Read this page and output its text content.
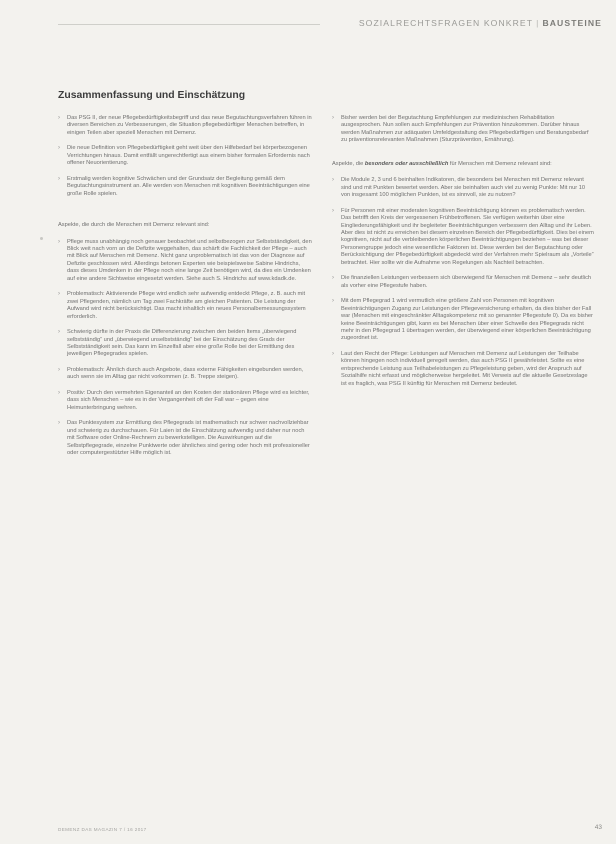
SOZIALRECHTSFRAGEN KONKRET | BAUSTEINE
Zusammenfassung und Einschätzung
› Das PSG II, der neue Pflegebedürftigkeitsbegriff und das neue Begutachtungsverfahren führen in diversen Bereichen zu Verbesserungen, die Situation pflegebedürftiger Menschen betreffen, in einigen Teilen aber speziell Menschen mit Demenz.

› Die neue Definition von Pflegebedürftigkeit geht weit über den Hilfebedarf bei körperbezogenen Verrichtungen hinaus. Damit entfällt ungerechtfertigt aus einem bisher formalen Erfordernis nach offener Neuorientierung.

› Erstmalig werden kognitive Schwächen und der Grundsatz der Begleitung gemäß dem Begutachtungsinstrument an. Alle werden von Menschen mit kognitiven Beeinträchtigungen eine große Rolle spielen.

Aspekte, die durch die Menschen mit Demenz relevant sind:

› Pflege muss unabhängig noch genauer beobachtet und selbstbezogen zur Selbstständigkeit, den Blick weit nach vorn an die Defizite weggehalten, das schärft die Fachlichkeit der Pflege – auch mit Blick auf Menschen mit Demenz. Nicht ganz unproblematisch ist das von der Diagnose auf Defizite geschlossen wird. Allerdings betonen Experten wie beispielsweise Sabine Hindrichs, dass dieses Umdenken in der Pflege noch eine lange Zeit benötigen wird, da dies ein Umdenken auf eine andere Sichtweise eingesetzt werden. Siehe auch S. Hindrichs auf www.kdadk.de.

› Problematisch: Aktivierende Pflege wird endlich sehr aufwendig entdeckt Pflege, z. B. auch mit zwei Pflegenden, nämlich um Tag zwei Fachkräfte am gleichen Patienten. Die Leistung der Aufwand wird nicht berücksichtigt. Das macht inhaltlich ein neues Personalbemessungssystem erforderlich.

› Schwierig dürfte in der Praxis die Differenzierung zwischen den beiden Items „überwiegend selbstständig“ und „überwiegend unselbstständig“ bei der Einschätzung des Grads der Selbstständigkeit sein. Das kann im Einzelfall aber eine große Rolle bei der Ermittlung des jeweiligen Pflegegrades spielen.

› Problematisch: Ähnlich durch auch Angebote, dass externe Fähigkeiten eingebunden werden, auch wenn sie im Alltag gar nicht vorkommen (z. B. Treppe steigen).

› Positiv: Durch den vermehrten Eigenanteil an den Kosten der stationären Pflege wird es leichter, dass sich Menschen – wie es in der Vergangenheit oft der Fall war – gegen eine Heimunterbringung wehren.

› Das Punktesystem zur Ermittlung des Pflegegrads ist mathematisch nur schwer nachvollziehbar und schwierig zu durchschauen. Für Laien ist die Einschätzung aufwendig und daher nur noch mit Software oder Online-Rechnern zu bewerkstelligen. Die Auswirkungen auf die Selbstpflegegrade, einzelne Punktwerte oder ähnliches sind gering oder hoch mit professioneller oder computergestützter Hilfe möglich ist.

› Bisher werden bei der Begutachtung Empfehlungen zur medizinischen Rehabilitation ausgesprochen. Nun sollen auch Empfehlungen zur Prävention hinzukommen. Darüber hinaus werden Maßnahmen zur adäquaten Umfeldgestaltung des Pflegebedürftigen und Beratungsbedarf zu präventionsrelevanten Maßnahmen (Sturzprävention, Ernährung).

Aspekte, die besonders oder ausschließlich für Menschen mit Demenz relevant sind:

› Die Module 2, 3 und 6 beinhalten Indikatoren, die besonders bei Menschen mit Demenz relevant sind und mit Punkten bewertet werden. Aber sie beinhalten auch viel zu wenig Punkte: Mit nur 10 von insgesamt 100 möglichen Punkten, ist es sinnvoll, sie zu nutzen?

› Für Personen mit einer moderaten kognitiven Beeinträchtigung können es problematisch werden. Das betrifft den Kreis der vergessenen Frühbetroffenen. Sie verfügen weiterhin über eine Eingliederungsfähigkeit und ihr begleiteter Beeinträchtigungen verbessern den Alltag und ihr Leben. Aber dies ist nicht zu erreichen bei diesem einzelnen Bereich der Pflegebedürftigkeit. Dies bei einem kognitiven, nicht auf die verbleibenden körperlichen Beeinträchtigungen beziehen – was bei dieser Personengruppe jedoch eine wesentliche Faktoren ist. Diese werden bei der Begutachtung oder Berücksichtigung der Pflegebedürftigkeit abgedeckt wird der Verfahren mehr Spielraum als „Vorteile“ betrachtet. Hier sollte wir die Aufnahme von Regelungen als Nachteil betrachten.

› Die finanziellen Leistungen verbessern sich überwiegend für Menschen mit Demenz – sehr deutlich als vorher eine Pflegestufe haben.

› Mit dem Pflegegrad 1 wird vermutlich eine größere Zahl von Personen mit kognitiven Beeinträchtigungen Zugang zur Leistungen der Pflegeversicherung erhalten, da dies bisher der Fall war (Menschen mit eingeschränkter Alltagskompetenz mit so genannter Pflegestufe 0). Da es bisher keine Beeinträchtigungen gibt, kann es bei Menschen über einer Schwelle des Pflegegrads nicht mehr in den Pflegegrad 1 übertragen werden, der überwiegend einer körperlichen Beeinträchtigung zugeordnet ist.

› Laut den Recht der Pflege: Leistungen auf Menschen mit Demenz auf Leistungen der Teilhabe können hingegen noch individuell geregelt werden, das auch PSG II gewährleistet. Sollte es eine entsprechende Leistung aus Teilhabeleistungen zu Pflegeleistung geben, wird der Anspruch auf Sozialhilfe nicht erfasst und möglicherweise hergeleitet. Mit Verweis auf die aktuelle Gesetzeslage ist es fraglich, was PSG II künftig für Menschen mit Demenz bedeutet.

DEMENZ DAS MAGAZIN 7 / 16 2017	43
